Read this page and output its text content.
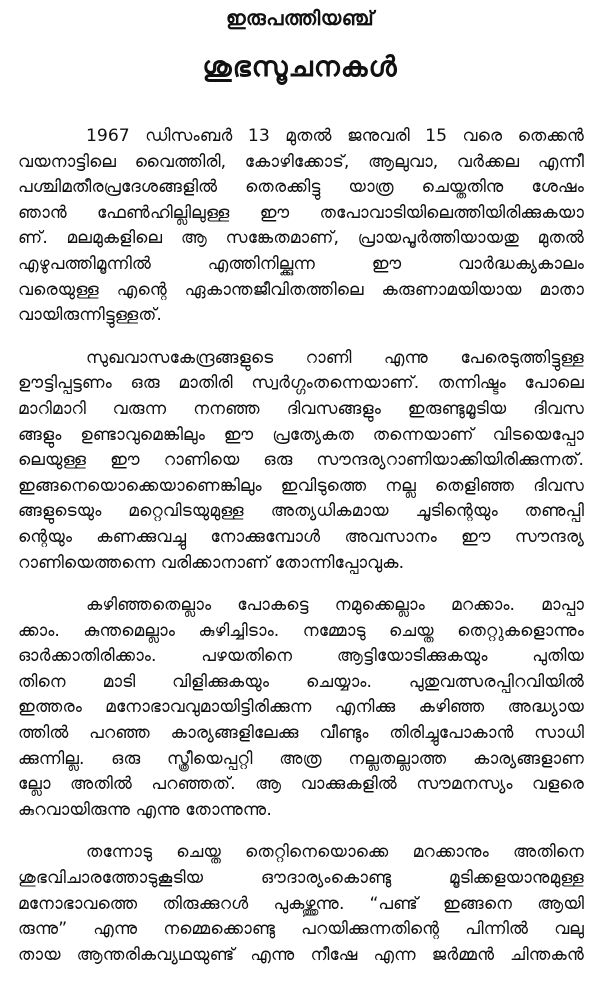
ഇരുപത്തിയഞ്ച്
ശുഭസൂചനകൾ
1967 ഡിസംബർ 13 മുതൽ ജനുവരി 15 വരെ തെക്കൻ
വയനാട്ടിലെ വൈത്തിരി, കോഴിക്കോട്, ആലുവാ, വർക്കല എന്നീ
പശ്ചിമതീരപ്രദേശങ്ങളിൽ തെരക്കിട്ടു യാത്ര ചെയ്തതിനു ശേഷം
ഞാൻ ഫേൺഹില്ലിലുള്ള ഈ തപോവാടിയിലെത്തിയിരിക്കുകയാ
ണ്. മലമുകളിലെ ആ സങ്കേതമാണ്, പ്രായപൂർത്തിയായതു മുതൽ
എഴുപത്തിമൂന്നിൽ എത്തിനില്ക്കുന്ന ഈ വാർദ്ധക്യകാലം
വരെയുള്ള എന്റെ ഏകാന്തജീവിതത്തിലെ കരുണാമയിയായ മാതാ
വായിരുന്നിട്ടുള്ളത്.
സുഖവാസകേന്ദ്രങ്ങളുടെ റാണി എന്നു പേരെടുത്തിട്ടുള്ള
ഊട്ടിപ്പട്ടണം ഒരു മാതിരി സ്വർഗ്ഗംതന്നെയാണ്. തന്നിഷ്ടം പോലെ
മാറിമാറി വരുന്ന നനഞ്ഞ ദിവസങ്ങളും ഇരുണ്ടുമൂടിയ ദിവസ
ങ്ങളും ഉണ്ടാവുമെങ്കിലും ഈ പ്രത്യേകത തന്നെയാണ് വിടയെപ്പോ
ലെയുള്ള ഈ റാണിയെ ഒരു സൗന്ദര്യറാണിയാക്കിയിരിക്കുന്നത്.
ഇങ്ങനെയൊക്കെയാണെങ്കിലും ഇവിടുത്തെ നല്ല തെളിഞ്ഞ ദിവസ
ങ്ങളുടെയും മറ്റെവിടയുമുള്ള അത്യധികമായ ചൂടിന്റെയും തണുപ്പി
ന്റെയും കണക്കുവച്ചു നോക്കുമ്പോൾ അവസാനം ഈ സൗന്ദര്യ
റാണിയെത്തന്നെ വരിക്കാനാണ് തോന്നിപ്പോവുക.
കഴിഞ്ഞതെല്ലാം പോകട്ടെ നമുക്കെല്ലാം മറക്കാം. മാപ്പാ
ക്കാം. കുന്തമെല്ലാം കുഴിച്ചിടാം. നമ്മോടു ചെയ്ത തെറ്റുകളൊന്നും
ഓർക്കാതിരിക്കാം. പഴയതിനെ ആട്ടിയോടിക്കുകയും പുതിയ
തിനെ മാടി വിളിക്കുകയും ചെയ്യാം. പുതുവത്സരപ്പിറവിയിൽ
ഇത്തരം മനോഭാവവുമായിട്ടിരിക്കുന്ന എനിക്കു കഴിഞ്ഞ അദ്ധ്യായ
ത്തിൽ പറഞ്ഞ കാര്യങ്ങളിലേക്കു വീണ്ടും തിരിച്ചുപോകാൻ സാധി
ക്കുന്നില്ല. ഒരു സ്ത്രീയെപ്പറ്റി അത്ര നല്ലതല്ലാത്ത കാര്യങ്ങളാണ
ല്ലോ അതിൽ പറഞ്ഞത്. ആ വാക്കുകളിൽ സൗമനസ്യം വളരെ
കുറവായിരുന്നു എന്നു തോന്നുന്നു.
തന്നോടു ചെയ്ത തെറ്റിനെയൊക്കെ മറക്കാനും അതിനെ
ശുഭവിചാരത്തോടുകൂടിയ ഔദാര്യംകൊണ്ടു മൂടിക്കളയാനുമുള്ള
മനോഭാവത്തെ തിരുക്കുറൾ പുകഴ്ത്തുന്നു. “പണ്ട് ഇങ്ങനെ ആയി
രുന്നു” എന്നു നമ്മെക്കൊണ്ടു പറയിക്കുന്നതിന്റെ പിന്നിൽ വലു
തായ ആന്തരികവ്യഥയുണ്ട് എന്നു നീഷേ എന്ന ജർമ്മൻ ചിന്തകൻ
